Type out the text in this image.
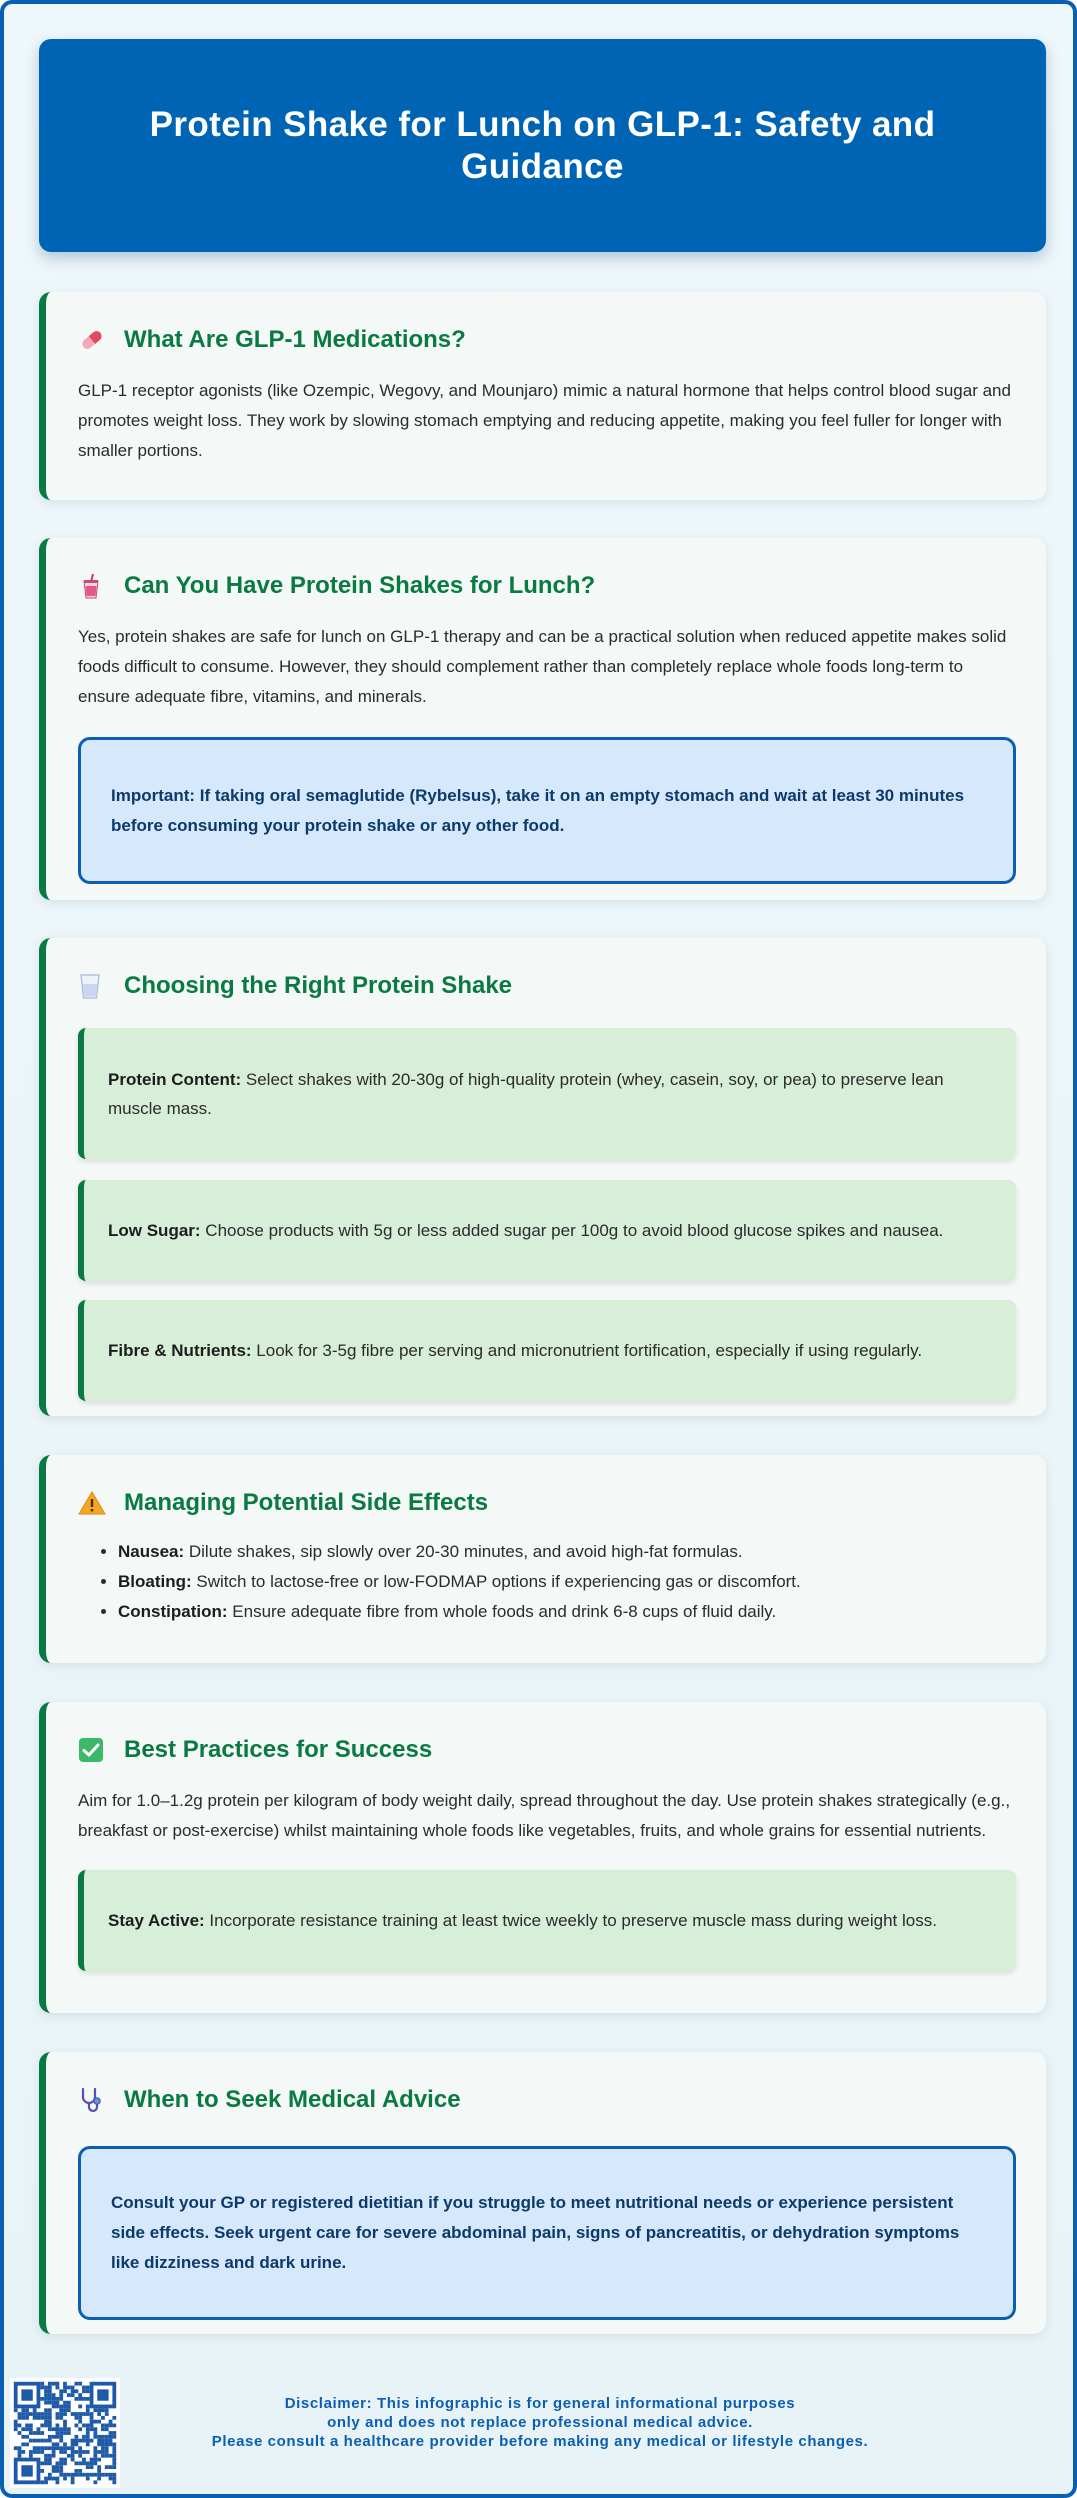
Protein Shake for Lunch on GLP-1: Safety and Guidance
What Are GLP-1 Medications?

GLP-1 receptor agonists (like Ozempic, Wegovy, and Mounjaro) mimic a natural hormone that helps control blood sugar and promotes weight loss. They work by slowing stomach emptying and reducing appetite, making you feel fuller for longer with smaller portions.

Can You Have Protein Shakes for Lunch?

Yes, protein shakes are safe for lunch on GLP-1 therapy and can be a practical solution when reduced appetite makes solid foods difficult to consume. However, they should complement rather than completely replace whole foods long-term to ensure adequate fibre, vitamins, and minerals.

Important: If taking oral semaglutide (Rybelsus), take it on an empty stomach and wait at least 30 minutes before consuming your protein shake or any other food.
Choosing the Right Protein Shake
Protein Content: Select shakes with 20-30g of high-quality protein (whey, casein, soy, or pea) to preserve lean muscle mass.
Low Sugar: Choose products with 5g or less added sugar per 100g to avoid blood glucose spikes and nausea.
Fibre & Nutrients: Look for 3-5g fibre per serving and micronutrient fortification, especially if using regularly.
Managing Potential Side Effects
• Nausea: Dilute shakes, sip slowly over 20-30 minutes, and avoid high-fat formulas.
• Bloating: Switch to lactose-free or low-FODMAP options if experiencing gas or discomfort.
• Constipation: Ensure adequate fibre from whole foods and drink 6-8 cups of fluid daily.
Best Practices for Success

Aim for 1.0–1.2g protein per kilogram of body weight daily, spread throughout the day. Use protein shakes strategically (e.g., breakfast or post-exercise) whilst maintaining whole foods like vegetables, fruits, and whole grains for essential nutrients.

Stay Active: Incorporate resistance training at least twice weekly to preserve muscle mass during weight loss.
When to Seek Medical Advice
Consult your GP or registered dietitian if you struggle to meet nutritional needs or experience persistent side effects. Seek urgent care for severe abdominal pain, signs of pancreatitis, or dehydration symptoms like dizziness and dark urine.
Disclaimer: This infographic is for general informational purposes
only and does not replace professional medical advice.
Please consult a healthcare provider before making any medical or lifestyle changes.
